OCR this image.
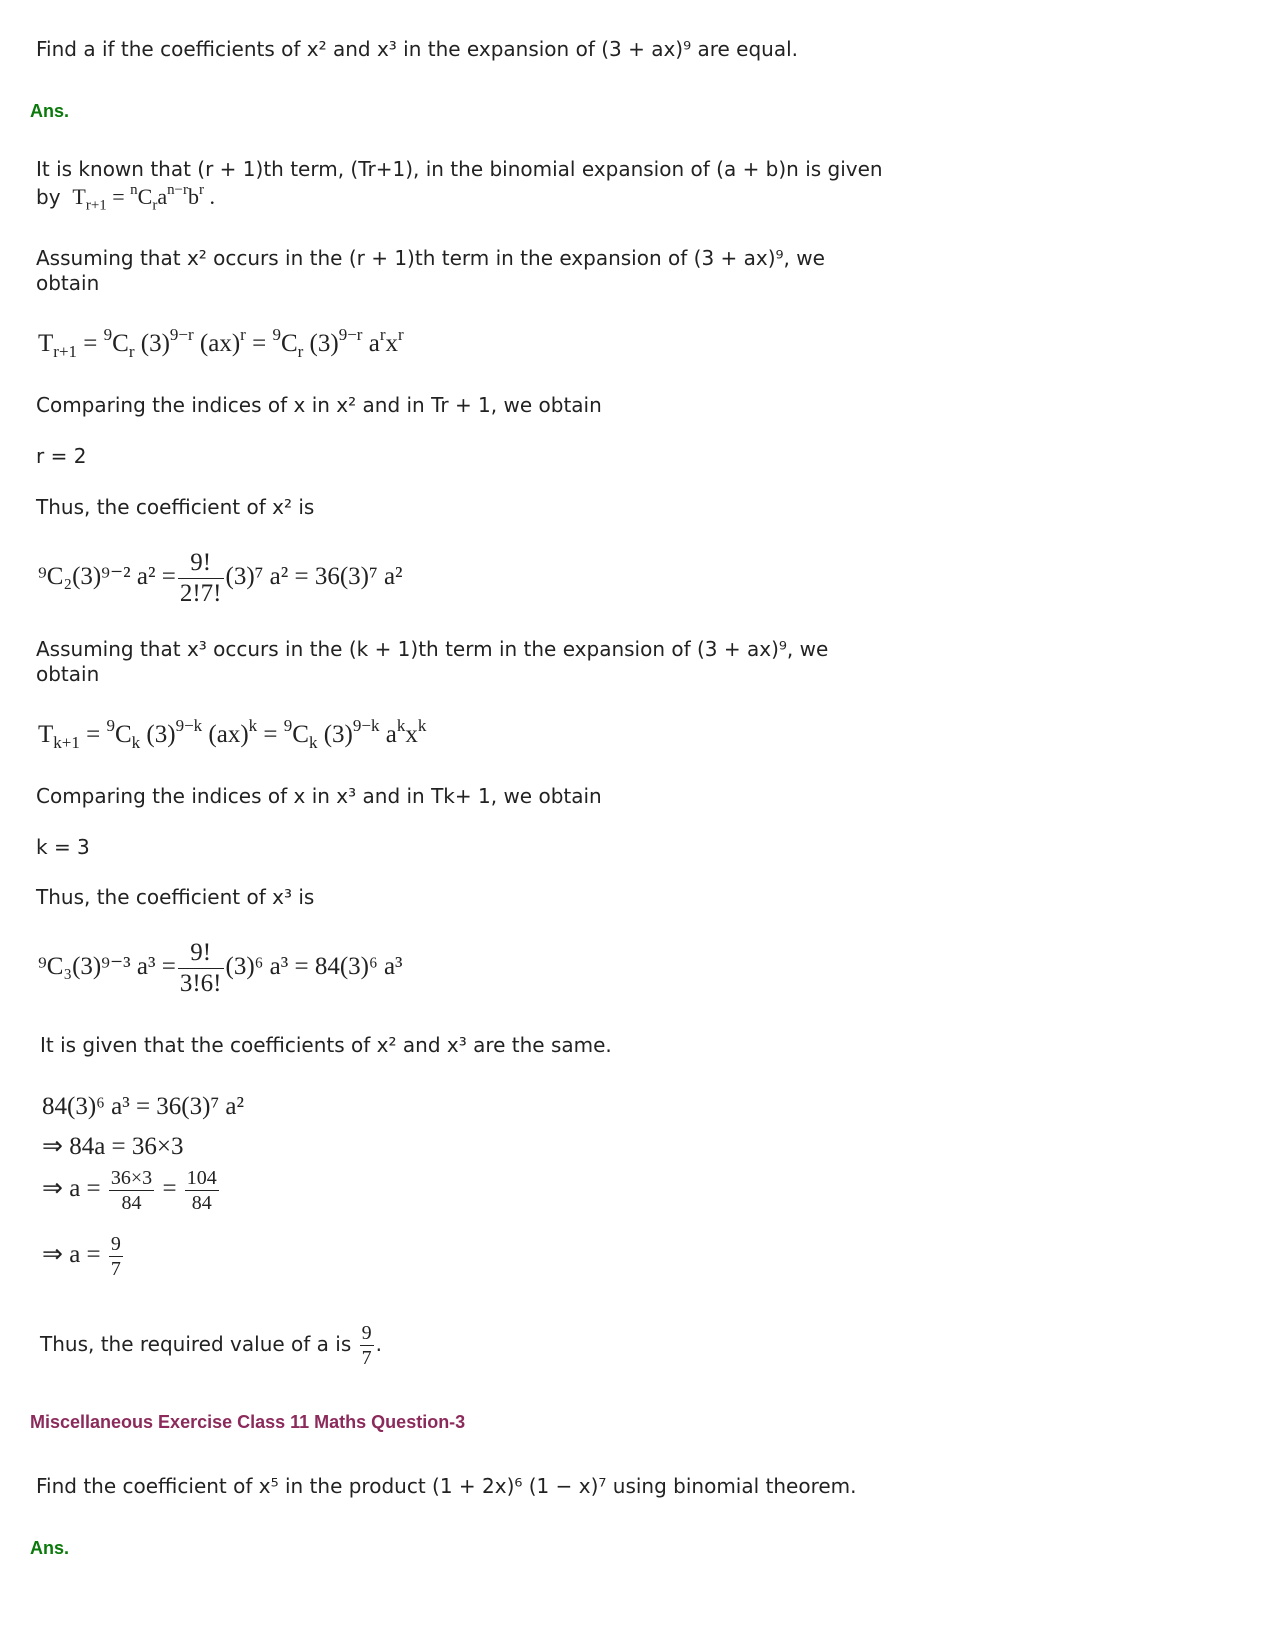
Find a if the coefficients of x² and x³ in the expansion of (3 + ax)⁹ are equal.
Ans.
It is known that (r + 1)th term, (Tr+1), in the binomial expansion of (a + b)n is given
by  $T_{r+1} = ^nC_ra^{n-r}b^r$ .
Assuming that x² occurs in the (r + 1)th term in the expansion of (3 + ax)⁹, we
obtain
$T_{r+1} = ^9C_r$ $(3)^{9-r}$ $(ax)^r = ^9C_r$ $(3)^{9-r}$ $a^rx^r$
Comparing the indices of x in x² and in Tr + 1, we obtain
r = 2
Thus, the coefficient of x² is
⁹C₂(3)⁹⁻² $a^2 = \frac{9!}{2!7!} (3)^7$ a² = 36(3)⁷ a²
Assuming that x³ occurs in the (k + 1)th term in the expansion of (3 + ax)⁹, we
obtain
$T_{k+1} = ^9C_k$ $(3)^{9-k}$ $(ax)^k = ^9C_k$ $(3)^{9-k}$ $a^kx^k$
Comparing the indices of x in x³ and in Tk+ 1, we obtain
k = 3
Thus, the coefficient of x³ is
⁹C₃(3)⁹⁻³ $a^3 = \frac{9!}{3!6!} (3)^6$ a³ = 84(3)⁶ a³
It is given that the coefficients of x² and x³ are the same.
84(3)⁶ a³ = 36(3)⁷ a²
⇒ 84a = 36×3
⇒ $a = \frac{36\times 3}{84} = \frac{104}{84}$
⇒ $a = \frac{9}{7}$
Thus, the required value of a is $\frac{9}{7}$ .
Miscellaneous Exercise Class 11 Maths Question-3
Find the coefficient of x⁵ in the product (1 + 2x)⁶ (1 − x)⁷ using binomial theorem.
Ans.
